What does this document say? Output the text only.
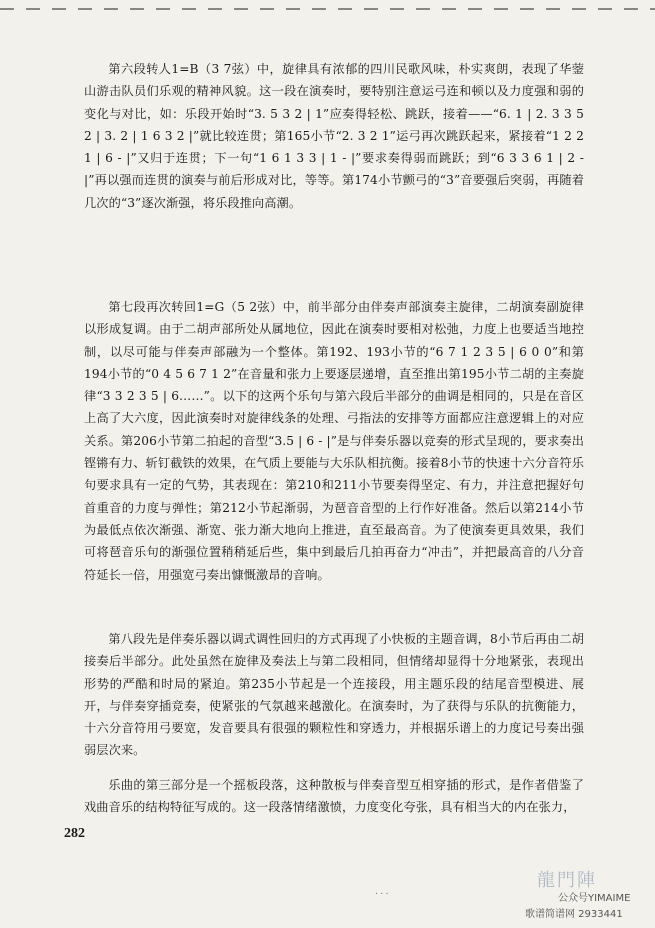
第六段转人1=B（3 7弦）中，旋律具有浓郁的四川民歌风味，朴实爽朗，表现了华蓥山游击队员们乐观的精神风貌。这一段在演奏时，要特别注意运弓连和顿以及力度强和弱的变化与对比，如：乐段开始时“3. 5 3 2 | 1”应奏得轻松、跳跃，接着——“6. 1 | 2. 3 3 5 2 | 3. 2 | 1 6 3 2 |”就比较连贯；第165小节“2. 3 2 1”运弓再次跳跃起来，紧接着“1 2 2 1 | 6 - |”又归于连贯；下一句“1 6 1 3 3 | 1 - |”要求奏得弱而跳跃；到“6 3 3 6 1 | 2 - |”再以强而连贯的演奏与前后形成对比，等等。第174小节颤弓的“3”音要强后突弱，再随着几次的“3”逐次渐强，将乐段推向高潮。

第七段再次转回1=G（5 2弦）中，前半部分由伴奏声部演奏主旋律，二胡演奏副旋律以形成复调。由于二胡声部所处从属地位，因此在演奏时要相对松弛，力度上也要适当地控制，以尽可能与伴奏声部融为一个整体。第192、193小节的“6 7 1 2 3 5 | 6 0 0”和第194小节的“0 4 5 6 7 1 2”在音量和张力上要逐层递增，直至推出第195小节二胡的主奏旋律“3 3 2 3 5 | 6……”。以下的这两个乐句与第六段后半部分的曲调是相同的，只是在音区上高了大六度，因此演奏时对旋律线条的处理、弓指法的安排等方面都应注意逻辑上的对应关系。第206小节第二拍起的音型“3.5 | 6 - |”是与伴奏乐器以竞奏的形式呈现的，要求奏出铿锵有力、斩钉截铁的效果，在气质上要能与大乐队相抗衡。接着8小节的快速十六分音符乐句要求具有一定的气势，其表现在：第210和211小节要奏得坚定、有力，并注意把握好句首重音的力度与弹性；第212小节起渐弱，为琶音音型的上行作好准备。然后以第214小节为最低点依次渐强、渐宽、张力渐大地向上推进，直至最高音。为了使演奏更具效果，我们可将琶音乐句的渐强位置稍稍延后些，集中到最后几拍再奋力“冲击”，并把最高音的八分音符延长一倍，用强宽弓奏出慷慨激昂的音响。

第八段先是伴奏乐器以调式调性回归的方式再现了小快板的主题音调，8小节后再由二胡接奏后半部分。此处虽然在旋律及奏法上与第二段相同，但情绪却显得十分地紧张，表现出形势的严酷和时局的紧迫。第235小节起是一个连接段，用主题乐段的结尾音型模进、展开，与伴奏穿插竞奏，使紧张的气氛越来越激化。在演奏时，为了获得与乐队的抗衡能力，十六分音符用弓要宽，发音要具有很强的颗粒性和穿透力，并根据乐谱上的力度记号奏出强弱层次来。

乐曲的第三部分是一个摇板段落，这种散板与伴奏音型互相穿插的形式，是作者借鉴了戏曲音乐的结构特征写成的。这一段落情绪激愤，力度变化夸张，具有相当大的内在张力，

282
...
龍門陣
公众号YIMAIME
歌谱简谱网 2933441
